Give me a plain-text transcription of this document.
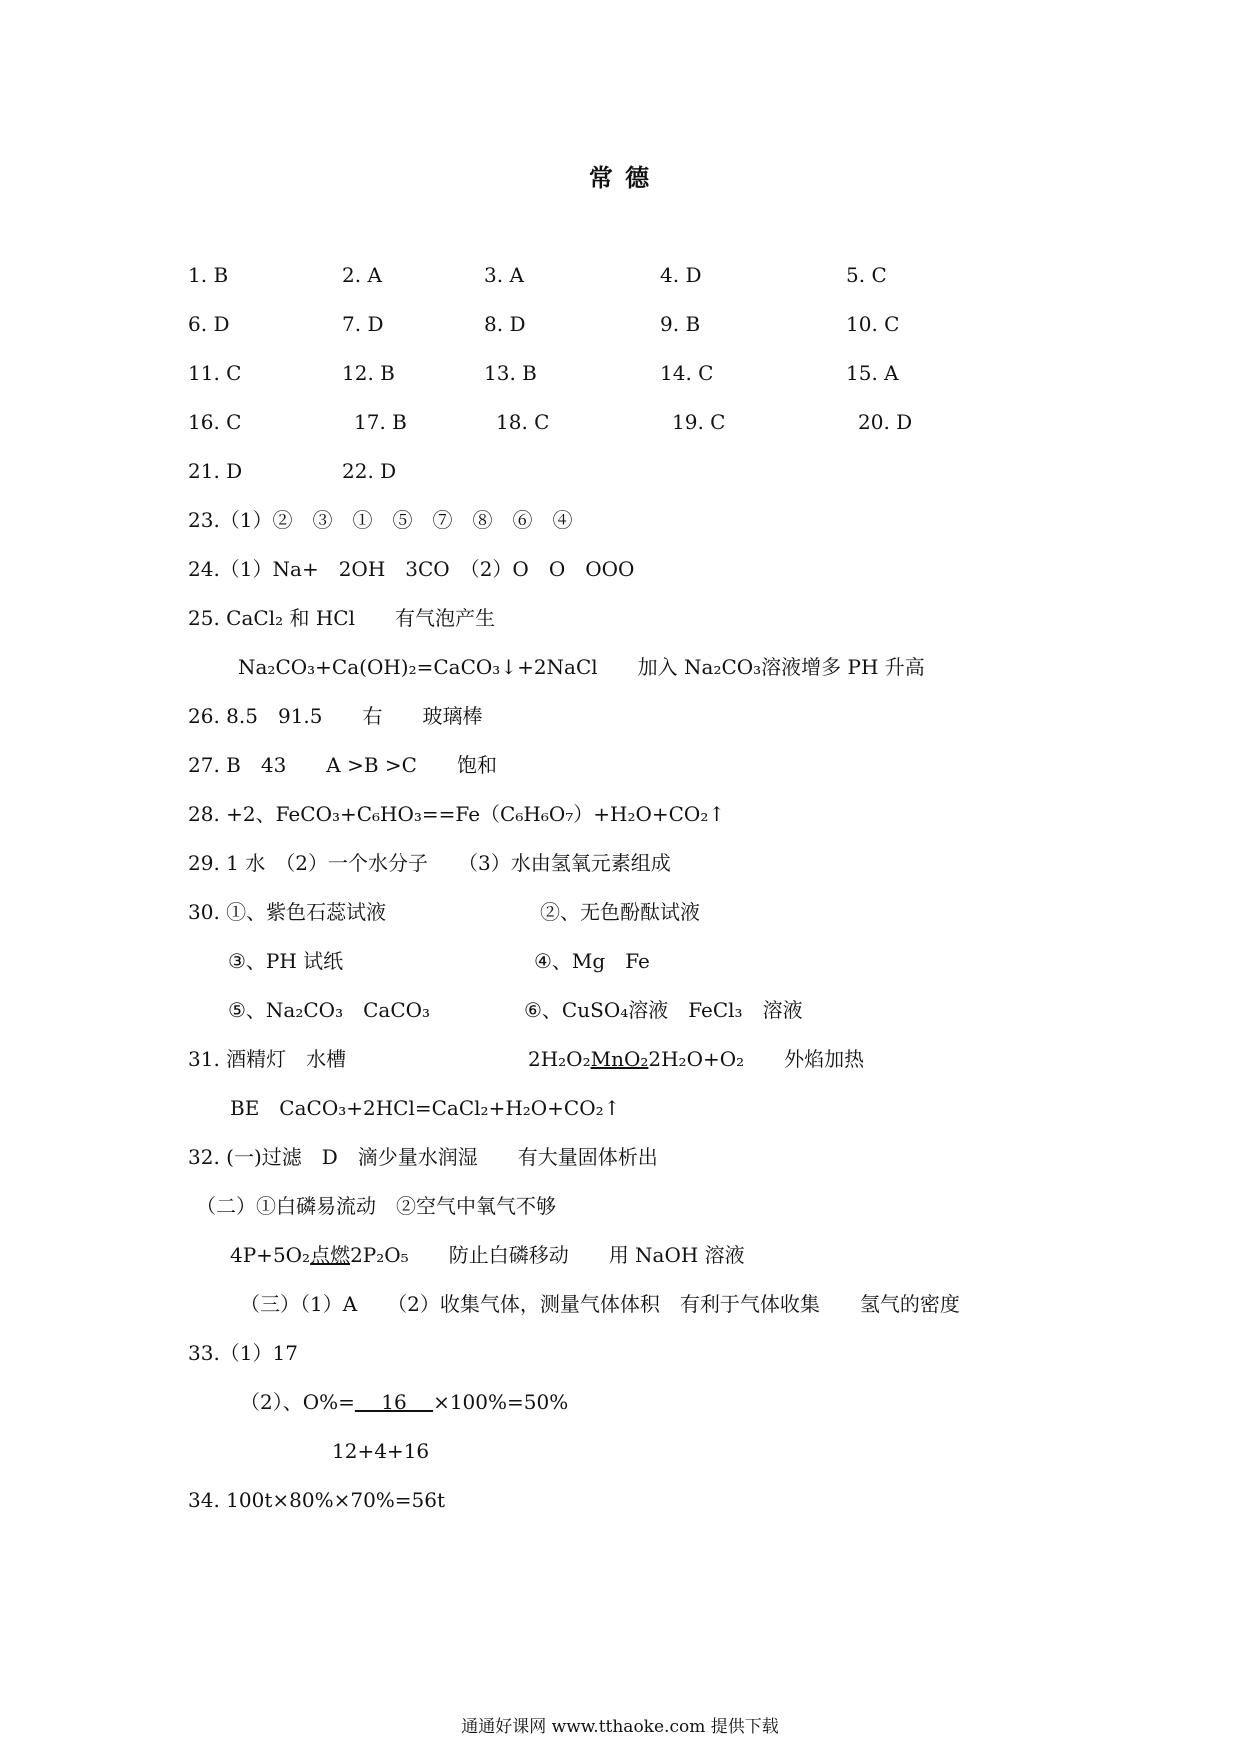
常 德
1. B	2. A	3. A	4. D	5. C
6. D	7. D	8. D	9. B	10. C
11. C	12. B	13. B	14. C	15. A
16. C	17. B	18. C	19. C	20. D
21. D	22. D
23.（1）②　③　①　⑤　⑦　⑧　⑥　④
24.（1）Na+　2OH　3CO　（2）O　O　OOO
25. CaCl₂ 和 HCl　　有气泡产生
Na₂CO₃+Ca(OH)₂=CaCO₃↓+2NaCl　　加入 Na₂CO₃溶液增多 PH 升高
26. 8.5　91.5　　右　　玻璃棒
27. B　43　　A >B >C　　饱和
28. +2、FeCO₃+C₆HO₃==Fe（C₆H₆O₇）+H₂O+CO₂↑
29. 1 水　（2）一个水分子　　（3）水由氢氧元素组成
30. ①、紫色石蕊试液	②、无色酚酞试液
③、PH 试纸	④、Mg　Fe
⑤、Na₂CO₃　CaCO₃	⑥、CuSO₄溶液　FeCl₃　溶液
31. 酒精灯　水槽	2H₂O₂MnO₂2H₂O+O₂　　外焰加热
BE　CaCO₃+2HCl=CaCl₂+H₂O+CO₂↑
32. (一)过滤　D　滴少量水润湿　　有大量固体析出
（二）①白磷易流动　②空气中氧气不够
4P+5O₂点燃2P₂O₅　　防止白磷移动　　用 NaOH 溶液
（三）（1）A　　（2）收集气体，测量气体体积　有利于气体收集　　氢气的密度
33.（1）17
（2）、O%=　 16　 ×100%=50%
12+4+16
34. 100t×80%×70%=56t
通通好课网 www.tthaoke.com 提供下载
